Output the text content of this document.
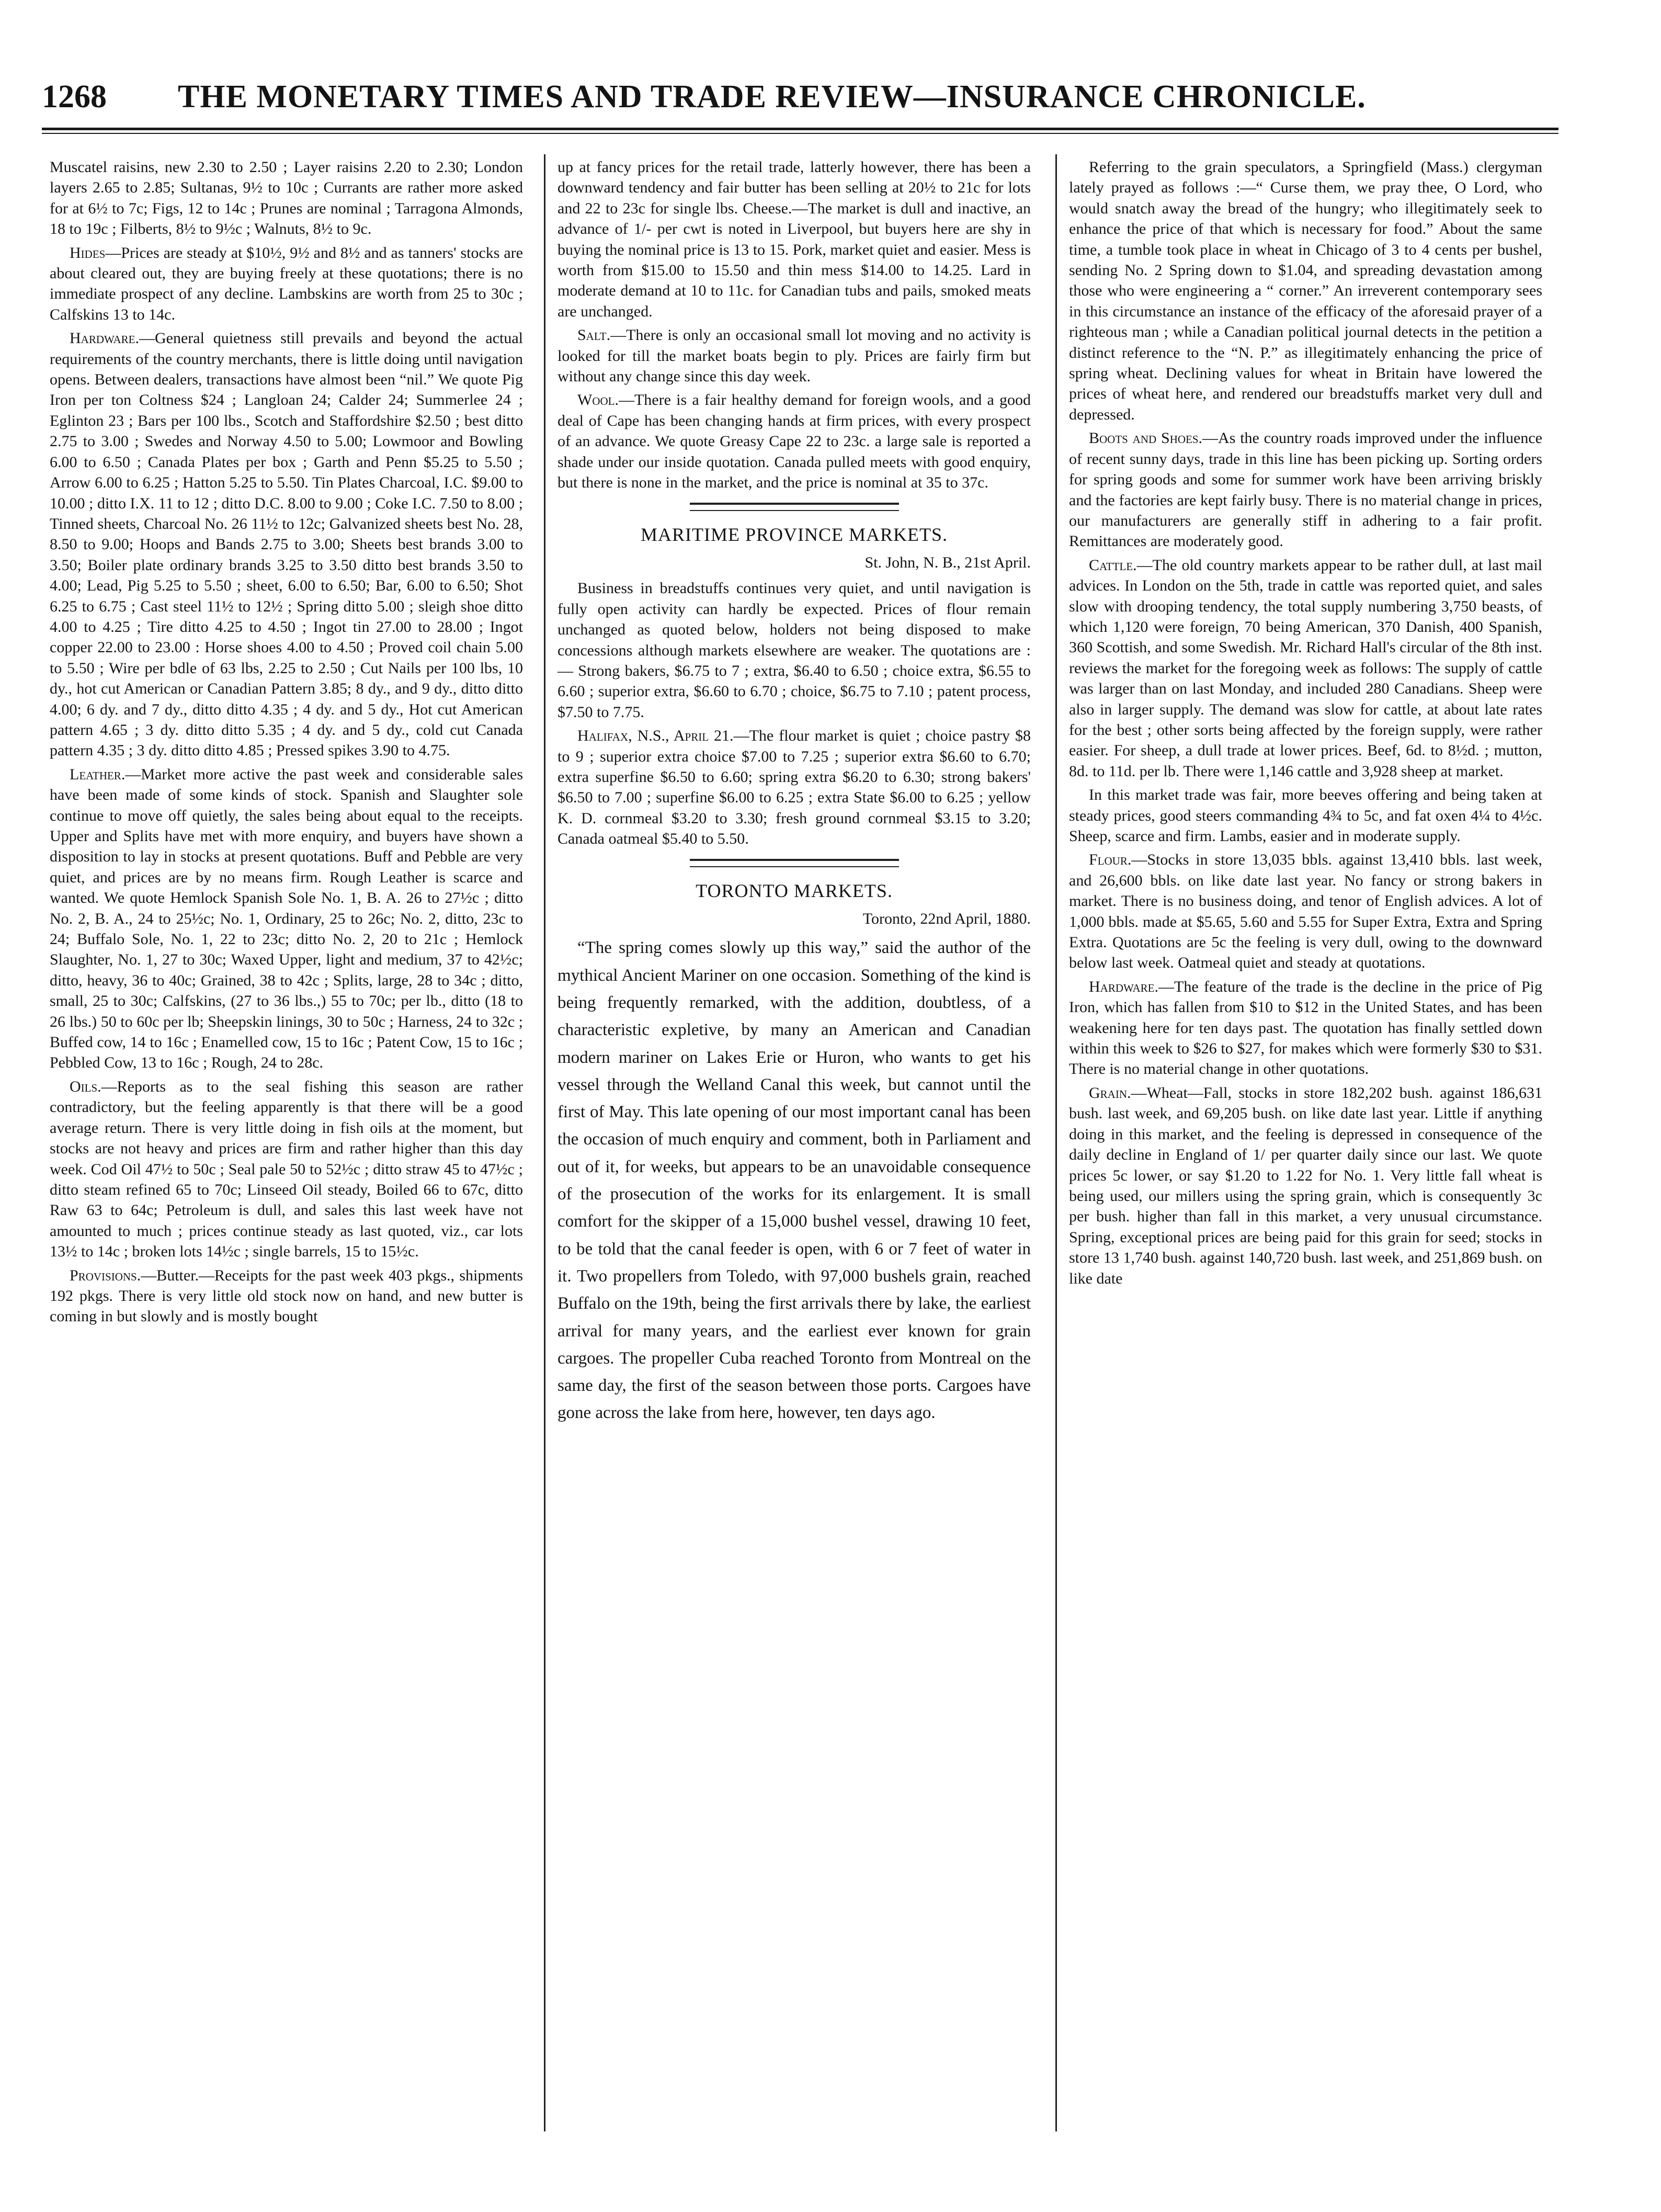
1268 THE MONETARY TIMES AND TRADE REVIEW—INSURANCE CHRONICLE.

Muscatel raisins, new 2.30 to 2.50 ; Layer raisins 2.20 to 2.30; London layers 2.65 to 2.85; Sultanas, 9½ to 10c ; Currants are rather more asked for at 6½ to 7c; Figs, 12 to 14c ; Prunes are nominal ; Tarragona Almonds, 18 to 19c ; Filberts, 8½ to 9½c ; Walnuts, 8½ to 9c.

Hides—Prices are steady at $10½, 9½ and 8½ and as tanners' stocks are about cleared out, they are buying freely at these quotations; there is no immediate prospect of any decline. Lambskins are worth from 25 to 30c ; Calfskins 13 to 14c.

Hardware.—General quietness still prevails and beyond the actual requirements of the country merchants, there is little doing until navigation opens. Between dealers, transactions have almost been “nil.” We quote Pig Iron per ton Coltness $24 ; Langloan 24; Calder 24; Summerlee 24 ; Eglinton 23 ; Bars per 100 lbs., Scotch and Staffordshire $2.50 ; best ditto 2.75 to 3.00 ; Swedes and Norway 4.50 to 5.00; Lowmoor and Bowling 6.00 to 6.50 ; Canada Plates per box ; Garth and Penn $5.25 to 5.50 ; Arrow 6.00 to 6.25 ; Hatton 5.25 to 5.50. Tin Plates Charcoal, I.C. $9.00 to 10.00 ; ditto I.X. 11 to 12 ; ditto D.C. 8.00 to 9.00 ; Coke I.C. 7.50 to 8.00 ; Tinned sheets, Charcoal No. 26 11½ to 12c; Galvanized sheets best No. 28, 8.50 to 9.00; Hoops and Bands 2.75 to 3.00; Sheets best brands 3.00 to 3.50; Boiler plate ordinary brands 3.25 to 3.50 ditto best brands 3.50 to 4.00; Lead, Pig 5.25 to 5.50 ; sheet, 6.00 to 6.50; Bar, 6.00 to 6.50; Shot 6.25 to 6.75 ; Cast steel 11½ to 12½ ; Spring ditto 5.00 ; sleigh shoe ditto 4.00 to 4.25 ; Tire ditto 4.25 to 4.50 ; Ingot tin 27.00 to 28.00 ; Ingot copper 22.00 to 23.00 : Horse shoes 4.00 to 4.50 ; Proved coil chain 5.00 to 5.50 ; Wire per bdle of 63 lbs, 2.25 to 2.50 ; Cut Nails per 100 lbs, 10 dy., hot cut American or Canadian Pattern 3.85; 8 dy., and 9 dy., ditto ditto 4.00; 6 dy. and 7 dy., ditto ditto 4.35 ; 4 dy. and 5 dy., Hot cut American pattern 4.65 ; 3 dy. ditto ditto 5.35 ; 4 dy. and 5 dy., cold cut Canada pattern 4.35 ; 3 dy. ditto ditto 4.85 ; Pressed spikes 3.90 to 4.75.

Leather.—Market more active the past week and considerable sales have been made of some kinds of stock. Spanish and Slaughter sole continue to move off quietly, the sales being about equal to the receipts. Upper and Splits have met with more enquiry, and buyers have shown a disposition to lay in stocks at present quotations. Buff and Pebble are very quiet, and prices are by no means firm. Rough Leather is scarce and wanted. We quote Hemlock Spanish Sole No. 1, B. A. 26 to 27½c ; ditto No. 2, B. A., 24 to 25½c; No. 1, Ordinary, 25 to 26c; No. 2, ditto, 23c to 24; Buffalo Sole, No. 1, 22 to 23c; ditto No. 2, 20 to 21c ; Hemlock Slaughter, No. 1, 27 to 30c; Waxed Upper, light and medium, 37 to 42½c; ditto, heavy, 36 to 40c; Grained, 38 to 42c ; Splits, large, 28 to 34c ; ditto, small, 25 to 30c; Calfskins, (27 to 36 lbs.,) 55 to 70c; per lb., ditto (18 to 26 lbs.) 50 to 60c per lb; Sheepskin linings, 30 to 50c ; Harness, 24 to 32c ; Buffed cow, 14 to 16c ; Enamelled cow, 15 to 16c ; Patent Cow, 15 to 16c ; Pebbled Cow, 13 to 16c ; Rough, 24 to 28c.

Oils.—Reports as to the seal fishing this season are rather contradictory, but the feeling apparently is that there will be a good average return. There is very little doing in fish oils at the moment, but stocks are not heavy and prices are firm and rather higher than this day week. Cod Oil 47½ to 50c ; Seal pale 50 to 52½c ; ditto straw 45 to 47½c ; ditto steam refined 65 to 70c; Linseed Oil steady, Boiled 66 to 67c, ditto Raw 63 to 64c; Petroleum is dull, and sales this last week have not amounted to much ; prices continue steady as last quoted, viz., car lots 13½ to 14c ; broken lots 14½c ; single barrels, 15 to 15½c.

Provisions.—Butter.—Receipts for the past week 403 pkgs., shipments 192 pkgs. There is very little old stock now on hand, and new butter is coming in but slowly and is mostly bought

up at fancy prices for the retail trade, latterly however, there has been a downward tendency and fair butter has been selling at 20½ to 21c for lots and 22 to 23c for single lbs. Cheese.—The market is dull and inactive, an advance of 1/- per cwt is noted in Liverpool, but buyers here are shy in buying the nominal price is 13 to 15. Pork, market quiet and easier. Mess is worth from $15.00 to 15.50 and thin mess $14.00 to 14.25. Lard in moderate demand at 10 to 11c. for Canadian tubs and pails, smoked meats are unchanged.

Salt.—There is only an occasional small lot moving and no activity is looked for till the market boats begin to ply. Prices are fairly firm but without any change since this day week.

Wool.—There is a fair healthy demand for foreign wools, and a good deal of Cape has been changing hands at firm prices, with every prospect of an advance. We quote Greasy Cape 22 to 23c. a large sale is reported a shade under our inside quotation. Canada pulled meets with good enquiry, but there is none in the market, and the price is nominal at 35 to 37c.

MARITIME PROVINCE MARKETS.
St. John, N. B., 21st April.

Business in breadstuffs continues very quiet, and until navigation is fully open activity can hardly be expected. Prices of flour remain unchanged as quoted below, holders not being disposed to make concessions although markets elsewhere are weaker. The quotations are :— Strong bakers, $6.75 to 7 ; extra, $6.40 to 6.50 ; choice extra, $6.55 to 6.60 ; superior extra, $6.60 to 6.70 ; choice, $6.75 to 7.10 ; patent process, $7.50 to 7.75.

Halifax, N.S., April 21.—The flour market is quiet ; choice pastry $8 to 9 ; superior extra choice $7.00 to 7.25 ; superior extra $6.60 to 6.70; extra superfine $6.50 to 6.60; spring extra $6.20 to 6.30; strong bakers' $6.50 to 7.00 ; superfine $6.00 to 6.25 ; extra State $6.00 to 6.25 ; yellow K. D. cornmeal $3.20 to 3.30; fresh ground cornmeal $3.15 to 3.20; Canada oatmeal $5.40 to 5.50.

TORONTO MARKETS.
Toronto, 22nd April, 1880.

“The spring comes slowly up this way,” said the author of the mythical Ancient Mariner on one occasion. Something of the kind is being frequently remarked, with the addition, doubtless, of a characteristic expletive, by many an American and Canadian modern mariner on Lakes Erie or Huron, who wants to get his vessel through the Welland Canal this week, but cannot until the first of May. This late opening of our most important canal has been the occasion of much enquiry and comment, both in Parliament and out of it, for weeks, but appears to be an unavoidable consequence of the prosecution of the works for its enlargement. It is small comfort for the skipper of a 15,000 bushel vessel, drawing 10 feet, to be told that the canal feeder is open, with 6 or 7 feet of water in it. Two propellers from Toledo, with 97,000 bushels grain, reached Buffalo on the 19th, being the first arrivals there by lake, the earliest arrival for many years, and the earliest ever known for grain cargoes. The propeller Cuba reached Toronto from Montreal on the same day, the first of the season between those ports. Cargoes have gone across the lake from here, however, ten days ago.

Referring to the grain speculators, a Springfield (Mass.) clergyman lately prayed as follows :—“ Curse them, we pray thee, O Lord, who would snatch away the bread of the hungry; who illegitimately seek to enhance the price of that which is necessary for food.” About the same time, a tumble took place in wheat in Chicago of 3 to 4 cents per bushel, sending No. 2 Spring down to $1.04, and spreading devastation among those who were engineering a “ corner.” An irreverent contemporary sees in this circumstance an instance of the efficacy of the aforesaid prayer of a righteous man ; while a Canadian political journal detects in the petition a distinct reference to the “N. P.” as illegitimately enhancing the price of spring wheat. Declining values for wheat in Britain have lowered the prices of wheat here, and rendered our breadstuffs market very dull and depressed.

Boots and Shoes.—As the country roads improved under the influence of recent sunny days, trade in this line has been picking up. Sorting orders for spring goods and some for summer work have been arriving briskly and the factories are kept fairly busy. There is no material change in prices, our manufacturers are generally stiff in adhering to a fair profit. Remittances are moderately good.

Cattle.—The old country markets appear to be rather dull, at last mail advices. In London on the 5th, trade in cattle was reported quiet, and sales slow with drooping tendency, the total supply numbering 3,750 beasts, of which 1,120 were foreign, 70 being American, 370 Danish, 400 Spanish, 360 Scottish, and some Swedish. Mr. Richard Hall's circular of the 8th inst. reviews the market for the foregoing week as follows: The supply of cattle was larger than on last Monday, and included 280 Canadians. Sheep were also in larger supply. The demand was slow for cattle, at about late rates for the best ; other sorts being affected by the foreign supply, were rather easier. For sheep, a dull trade at lower prices. Beef, 6d. to 8½d. ; mutton, 8d. to 11d. per lb. There were 1,146 cattle and 3,928 sheep at market.

In this market trade was fair, more beeves offering and being taken at steady prices, good steers commanding 4¾ to 5c, and fat oxen 4¼ to 4½c. Sheep, scarce and firm. Lambs, easier and in moderate supply.

Flour.—Stocks in store 13,035 bbls. against 13,410 bbls. last week, and 26,600 bbls. on like date last year. No fancy or strong bakers in market. There is no business doing, and tenor of English advices. A lot of 1,000 bbls. made at $5.65, 5.60 and 5.55 for Super Extra, Extra and Spring Extra. Quotations are 5c the feeling is very dull, owing to the downward below last week. Oatmeal quiet and steady at quotations.

Hardware.—The feature of the trade is the decline in the price of Pig Iron, which has fallen from $10 to $12 in the United States, and has been weakening here for ten days past. The quotation has finally settled down within this week to $26 to $27, for makes which were formerly $30 to $31. There is no material change in other quotations.

Grain.—Wheat—Fall, stocks in store 182,202 bush. against 186,631 bush. last week, and 69,205 bush. on like date last year. Little if anything doing in this market, and the feeling is depressed in consequence of the daily decline in England of 1/ per quarter daily since our last. We quote prices 5c lower, or say $1.20 to 1.22 for No. 1. Very little fall wheat is being used, our millers using the spring grain, which is consequently 3c per bush. higher than fall in this market, a very unusual circumstance. Spring, exceptional prices are being paid for this grain for seed; stocks in store 13 1,740 bush. against 140,720 bush. last week, and 251,869 bush. on like date
